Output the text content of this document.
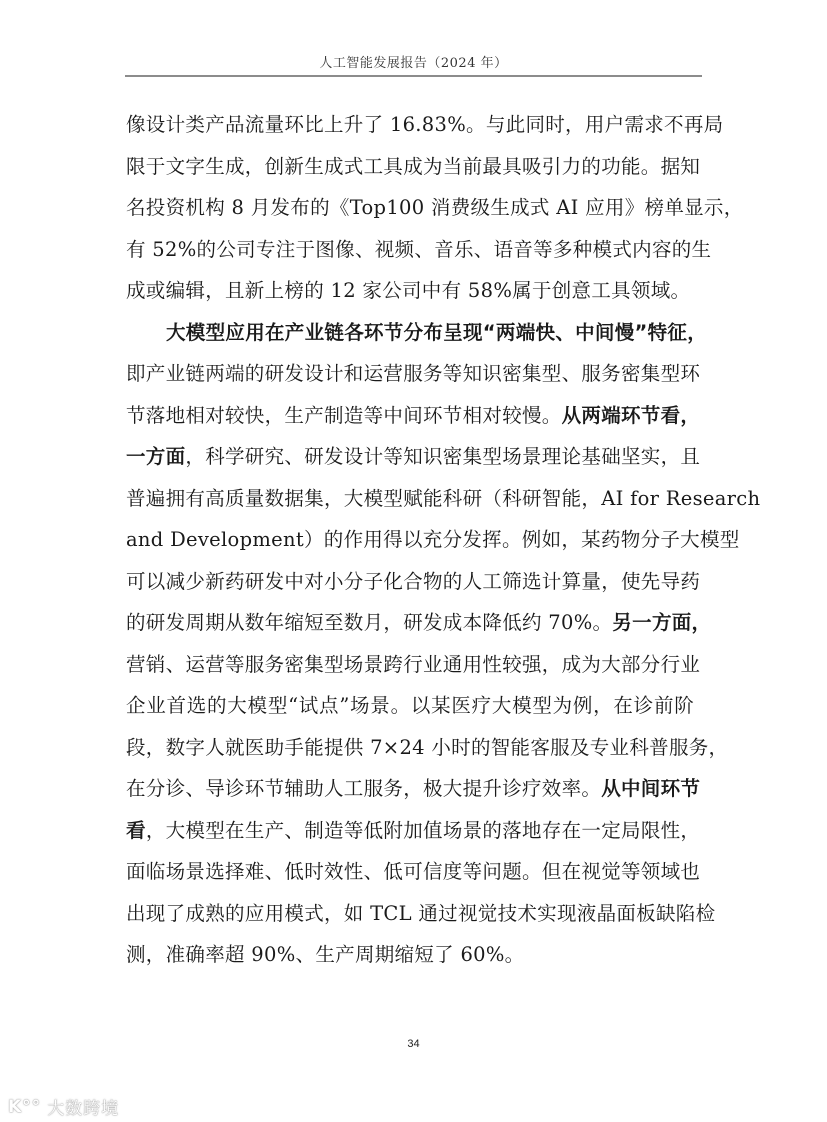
人工智能发展报告（2024 年）
像设计类产品流量环比上升了 16.83%。与此同时，用户需求不再局
限于文字生成，创新生成式工具成为当前最具吸引力的功能。据知
名投资机构 8 月发布的《Top100 消费级生成式 AI 应用》榜单显示，
有 52%的公司专注于图像、视频、音乐、语音等多种模式内容的生
成或编辑，且新上榜的 12 家公司中有 58%属于创意工具领域。
大模型应用在产业链各环节分布呈现“两端快、中间慢”特征，
即产业链两端的研发设计和运营服务等知识密集型、服务密集型环
节落地相对较快，生产制造等中间环节相对较慢。从两端环节看，
一方面，科学研究、研发设计等知识密集型场景理论基础坚实，且
普遍拥有高质量数据集，大模型赋能科研（科研智能，AI for Research
and Development）的作用得以充分发挥。例如，某药物分子大模型
可以减少新药研发中对小分子化合物的人工筛选计算量，使先导药
的研发周期从数年缩短至数月，研发成本降低约 70%。另一方面，
营销、运营等服务密集型场景跨行业通用性较强，成为大部分行业
企业首选的大模型“试点”场景。以某医疗大模型为例，在诊前阶
段，数字人就医助手能提供 7×24 小时的智能客服及专业科普服务，
在分诊、导诊环节辅助人工服务，极大提升诊疗效率。从中间环节
看，大模型在生产、制造等低附加值场景的落地存在一定局限性，
面临场景选择难、低时效性、低可信度等问题。但在视觉等领域也
出现了成熟的应用模式，如 TCL 通过视觉技术实现液晶面板缺陷检
测，准确率超 90%、生产周期缩短了 60%。
34
K°° 大数跨境
